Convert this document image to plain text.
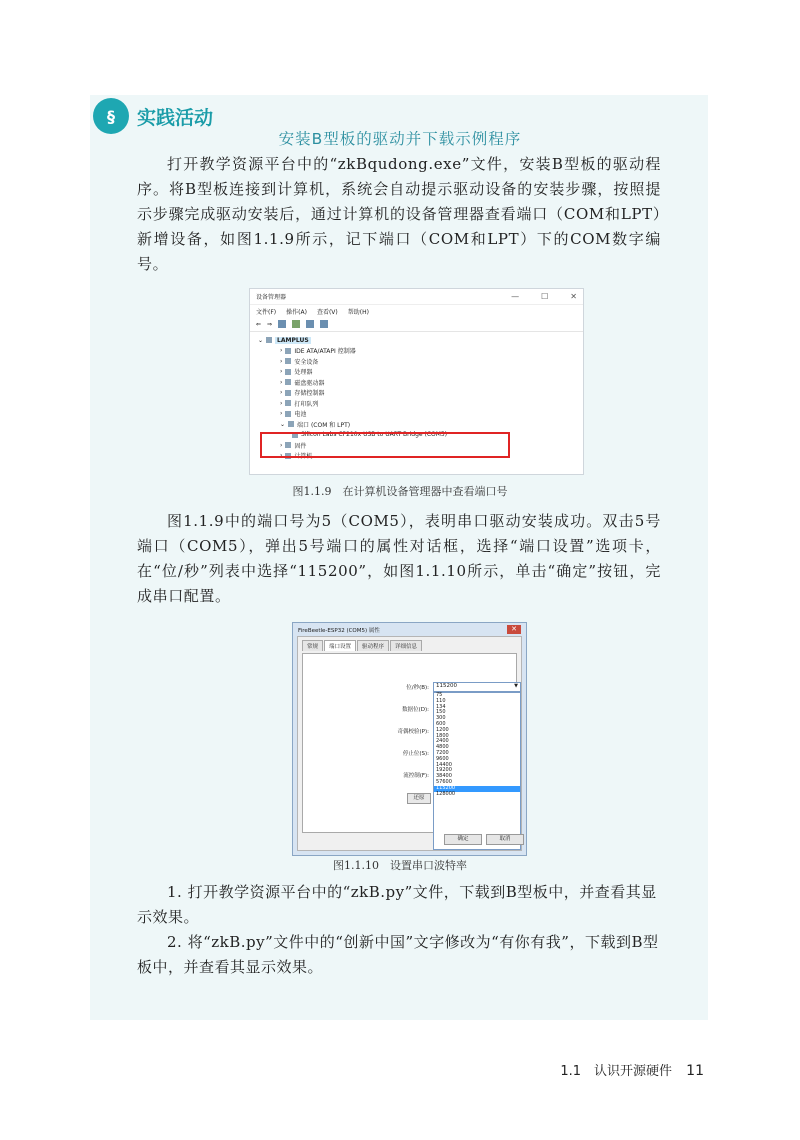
§	实践活动
安装B型板的驱动并下载示例程序

打开教学资源平台中的“zkBqudong.exe”文件，安装B型板的驱动程序。将B型板连接到计算机，系统会自动提示驱动设备的安装步骤，按照提示步骤完成驱动安装后，通过计算机的设备管理器查看端口（COM和LPT）新增设备，如图1.1.9所示，记下端口（COM和LPT）下的COM数字编号。

设备管理器	—	☐	✕
文件(F) 操作(A) 查看(V) 帮助(H)
⇐ ⇒
⌄	LAMPLUS
› IDE ATA/ATAPI 控制器
› 安全设备
› 处理器
› 磁盘驱动器
› 存储控制器
› 打印队列
› 电池
⌄ 端口 (COM 和 LPT)
Silicon Labs CP210x USB to UART Bridge (COM5)
› 固件
› 计算机
图1.1.9　在计算机设备管理器中查看端口号

图1.1.9中的端口号为5（COM5），表明串口驱动安装成功。双击5号端口（COM5），弹出5号端口的属性对话框，选择“端口设置”选项卡，在“位/秒”列表中选择“115200”，如图1.1.10所示，单击“确定”按钮，完成串口配置。

FireBeetle-ESP32 (COM5) 属性	✕
常规	端口设置	驱动程序	详细信息
位/秒(B):
数据位(D):
奇偶校验(P):
停止位(S):
流控制(F):
115200	▼
还原
75
110
134
150
300
600
1200
1800
2400
4800
7200
9600
14400
19200
38400
57600
115200
128000
确定	取消
图1.1.10　设置串口波特率

1. 打开教学资源平台中的“zkB.py”文件，下载到B型板中，并查看其显示效果。

2. 将“zkB.py”文件中的“创新中国”文字修改为“有你有我”，下载到B型板中，并查看其显示效果。

1.1　认识开源硬件 11
